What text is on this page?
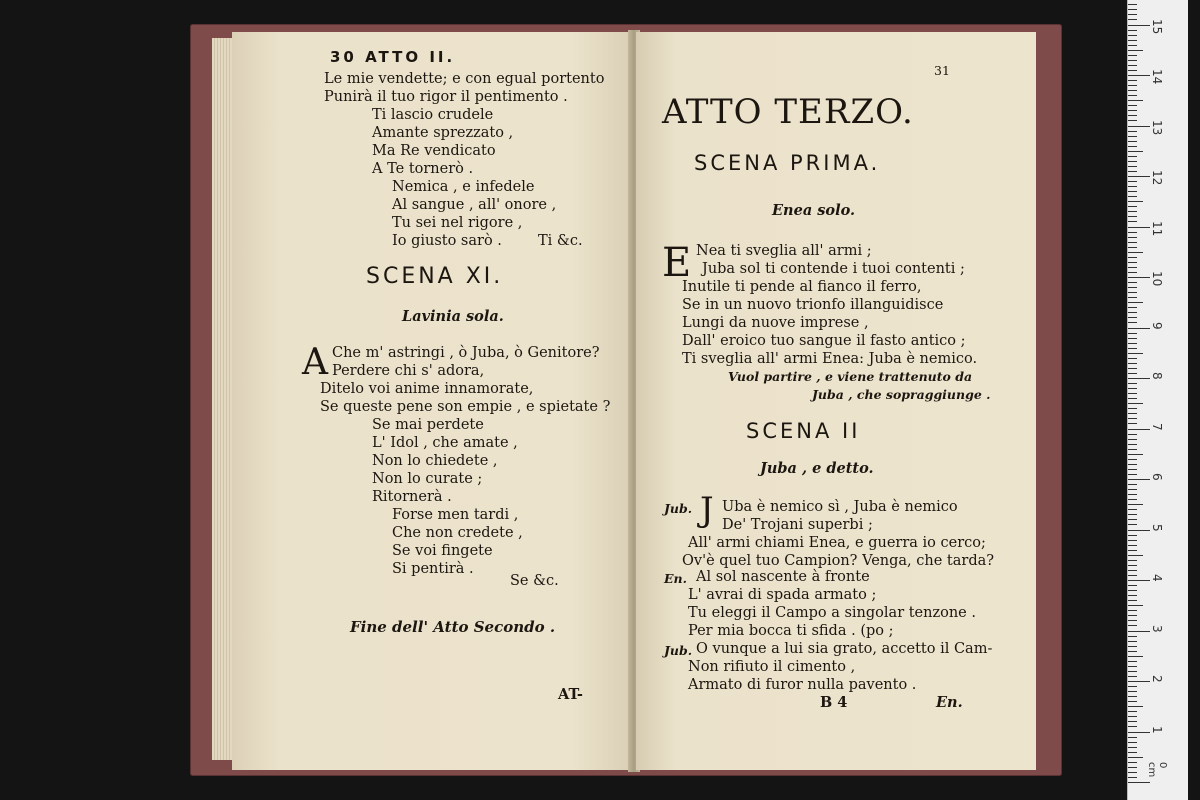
30 ATTO II.
Le mie vendette; e con egual portento
Punirà il tuo rigor il pentimento .
Ti lascio crudele
Amante sprezzato ,
Ma Re vendicato
A Te tornerò .
Nemica , e infedele
Al sangue , all' onore ,
Tu sei nel rigore ,
Io giusto sarò . Ti &c.
SCENA XI.
Lavinia sola.
A Che m' astringi , ò Juba, ò Genitore?
Perdere chi s' adora,
Ditelo voi anime innamorate,
Se queste pene son empie , e spietate ?
Se mai perdete
L' Idol , che amate ,
Non lo chiedete ,
Non lo curate ;
Ritornerà .
Forse men tardi ,
Che non credete ,
Se voi fingete
Si pentirà .
Se &c.
Fine dell' Atto Secondo .
AT-
31
ATTO TERZO.
SCENA PRIMA.
Enea solo.
E Nea ti sveglia all' armi ;
Juba sol ti contende i tuoi contenti ;
Inutile ti pende al fianco il ferro,
Se in un nuovo trionfo illanguidisce
Lungi da nuove imprese ,
Dall' eroico tuo sangue il fasto antico ;
Ti sveglia all' armi Enea: Juba è nemico.
Vuol partire , e viene trattenuto da
Juba , che sopraggiunge .
SCENA II
Juba , e detto.
Jub. J Uba è nemico sì , Juba è nemico
De' Trojani superbi ;
All' armi chiami Enea, e guerra io cerco;
Ov'è quel tuo Campion? Venga, che tarda?
En. Al sol nascente à fronte
L' avrai di spada armato ;
Tu eleggi il Campo a singolar tenzone .
Per mia bocca ti sfida . (po ;
Jub. O vunque a lui sia grato, accetto il Cam-
Non rifiuto il cimento ,
Armato di furor nulla pavento .
B 4	En.
0 cm
1
2
3
4
5
6
7
8
9
10
11
12
13
14
15
